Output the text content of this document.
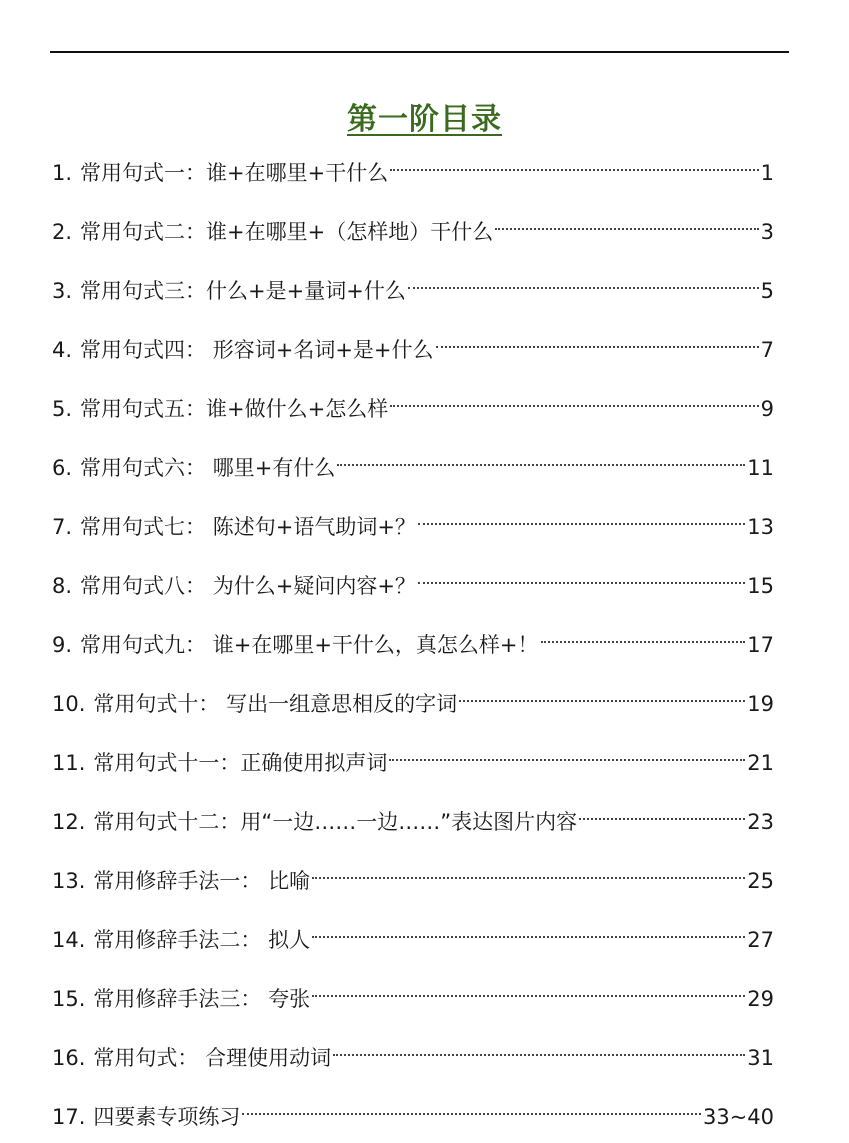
第一阶目录
1. 常用句式一：谁+在哪里+干什么	1
2. 常用句式二：谁+在哪里+（怎样地）干什么	3
3. 常用句式三：什么+是+量词+什么	5
4. 常用句式四： 形容词+名词+是+什么	7
5. 常用句式五：谁+做什么+怎么样	9
6. 常用句式六： 哪里+有什么	11
7. 常用句式七： 陈述句+语气助词+？	13
8. 常用句式八： 为什么+疑问内容+？	15
9. 常用句式九： 谁+在哪里+干什么，真怎么样+！	17
10. 常用句式十： 写出一组意思相反的字词	19
11. 常用句式十一：正确使用拟声词	21
12. 常用句式十二：用“一边……一边……”表达图片内容	23
13. 常用修辞手法一： 比喻	25
14. 常用修辞手法二： 拟人	27
15. 常用修辞手法三： 夸张	29
16. 常用句式： 合理使用动词	31
17. 四要素专项练习	33~40
